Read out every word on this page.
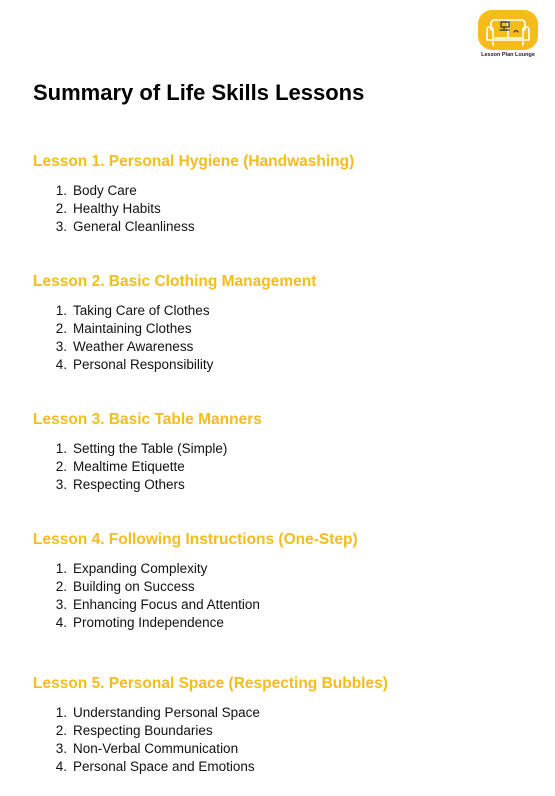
Lesson Plan Lounge
Summary of Life Skills Lessons
Lesson 1. Personal Hygiene (Handwashing)
1. Body Care
2. Healthy Habits
3. General Cleanliness
Lesson 2. Basic Clothing Management
1. Taking Care of Clothes
2. Maintaining Clothes
3. Weather Awareness
4. Personal Responsibility
Lesson 3. Basic Table Manners
1. Setting the Table (Simple)
2. Mealtime Etiquette
3. Respecting Others
Lesson 4. Following Instructions (One-Step)
1. Expanding Complexity
2. Building on Success
3. Enhancing Focus and Attention
4. Promoting Independence
Lesson 5. Personal Space (Respecting Bubbles)
1. Understanding Personal Space
2. Respecting Boundaries
3. Non-Verbal Communication
4. Personal Space and Emotions
